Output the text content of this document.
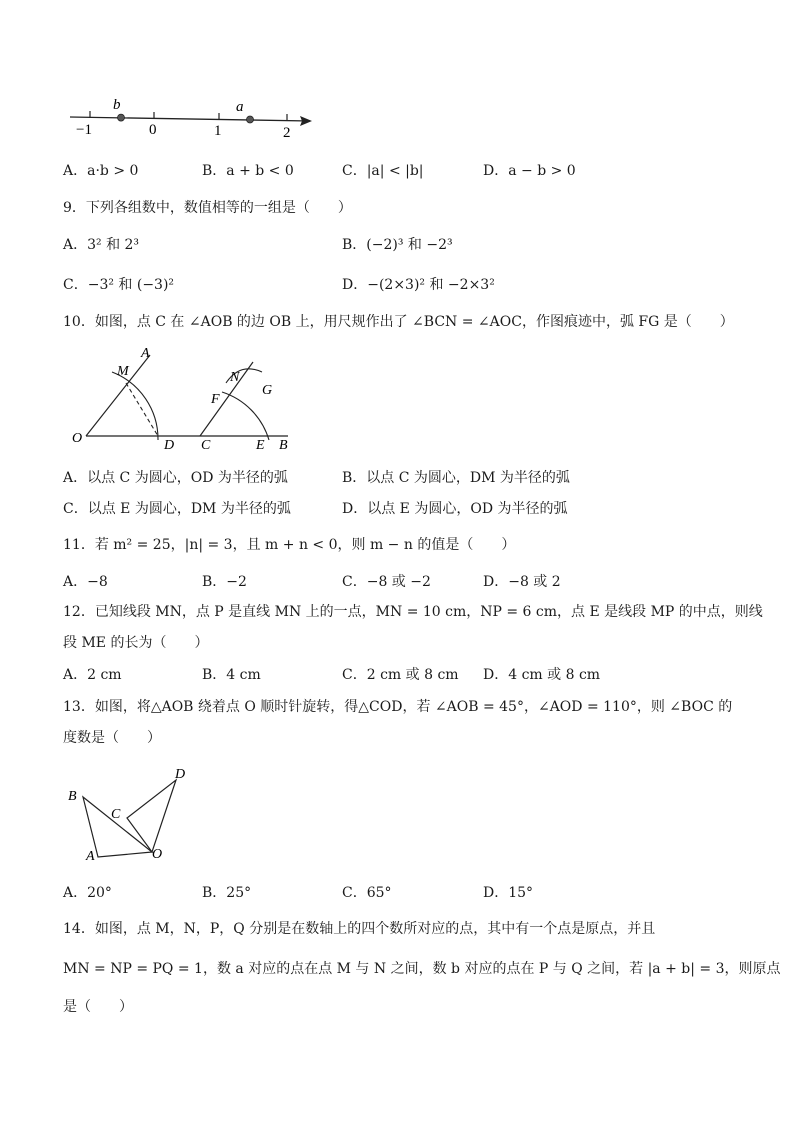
b	a
−1	0	1	2
A．a·b > 0	B．a + b < 0	C．|a| < |b|	D．a − b > 0
9．下列各组数中，数值相等的一组是（　　）
A．3² 和 2³	B．(−2)³ 和 −2³
C．−3² 和 (−3)²	D．−(2×3)² 和 −2×3²
10．如图，点 C 在 ∠AOB 的边 OB 上，用尺规作出了 ∠BCN = ∠AOC，作图痕迹中，弧 FG 是（　　）
A
M
O	D C
N
G
F
E B
A．以点 C 为圆心，OD 为半径的弧	B．以点 C 为圆心，DM 为半径的弧
C．以点 E 为圆心，DM 为半径的弧	D．以点 E 为圆心，OD 为半径的弧
11．若 m² = 25，|n| = 3，且 m + n < 0，则 m − n 的值是（　　）
A．−8	B．−2	C．−8 或 −2	D．−8 或 2
12．已知线段 MN，点 P 是直线 MN 上的一点，MN = 10 cm，NP = 6 cm，点 E 是线段 MP 的中点，则线
段 ME 的长为（　　）
A．2 cm	B．4 cm	C．2 cm 或 8 cm D．4 cm 或 8 cm
13．如图，将△AOB 绕着点 O 顺时针旋转，得△COD，若 ∠AOB = 45°，∠AOD = 110°，则 ∠BOC 的
度数是（　　）
B
C
D
A	O
A．20°	B．25°	C．65°	D．15°
14．如图，点 M，N，P，Q 分别是在数轴上的四个数所对应的点，其中有一个点是原点，并且
MN = NP = PQ = 1，数 a 对应的点在点 M 与 N 之间，数 b 对应的点在 P 与 Q 之间，若 |a + b| = 3，则原点
是（　　）
